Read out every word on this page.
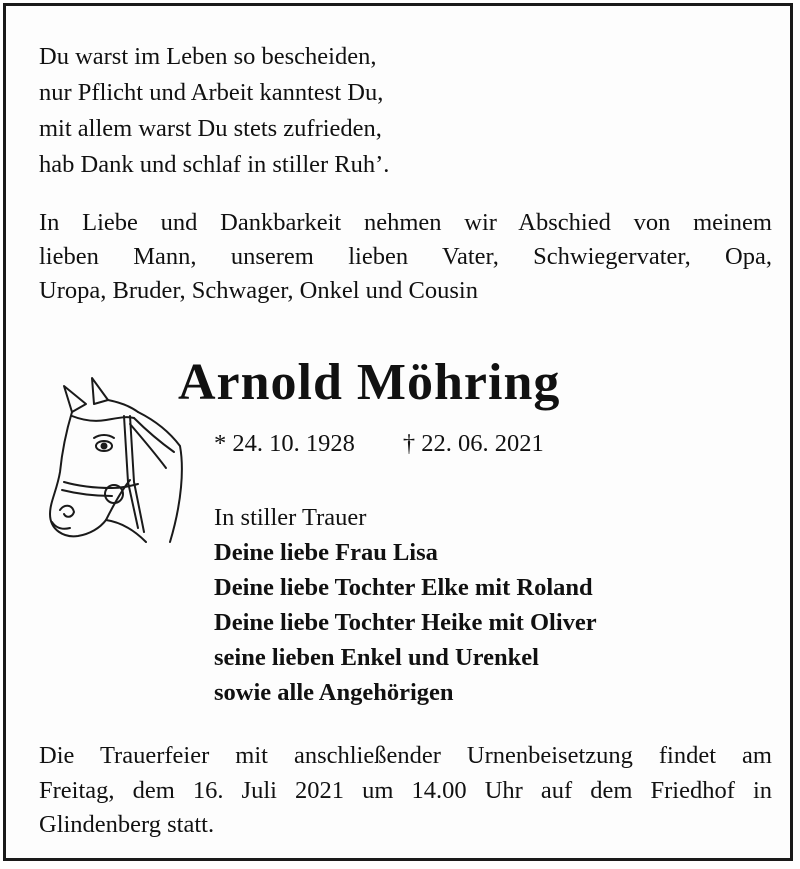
Du warst im Leben so bescheiden,
nur Pflicht und Arbeit kanntest Du,
mit allem warst Du stets zufrieden,
hab Dank und schlaf in stiller Ruh’.
In Liebe und Dankbarkeit nehmen wir Abschied von meinem
lieben Mann, unserem lieben Vater, Schwiegervater, Opa,
Uropa, Bruder, Schwager, Onkel und Cousin
Arnold Möhring
* 24. 10. 1928 † 22. 06. 2021
In stiller Trauer
Deine liebe Frau Lisa
Deine liebe Tochter Elke mit Roland
Deine liebe Tochter Heike mit Oliver
seine lieben Enkel und Urenkel
sowie alle Angehörigen
Die Trauerfeier mit anschließender Urnenbeisetzung findet am
Freitag, dem 16. Juli 2021 um 14.00 Uhr auf dem Friedhof in
Glindenberg statt.
